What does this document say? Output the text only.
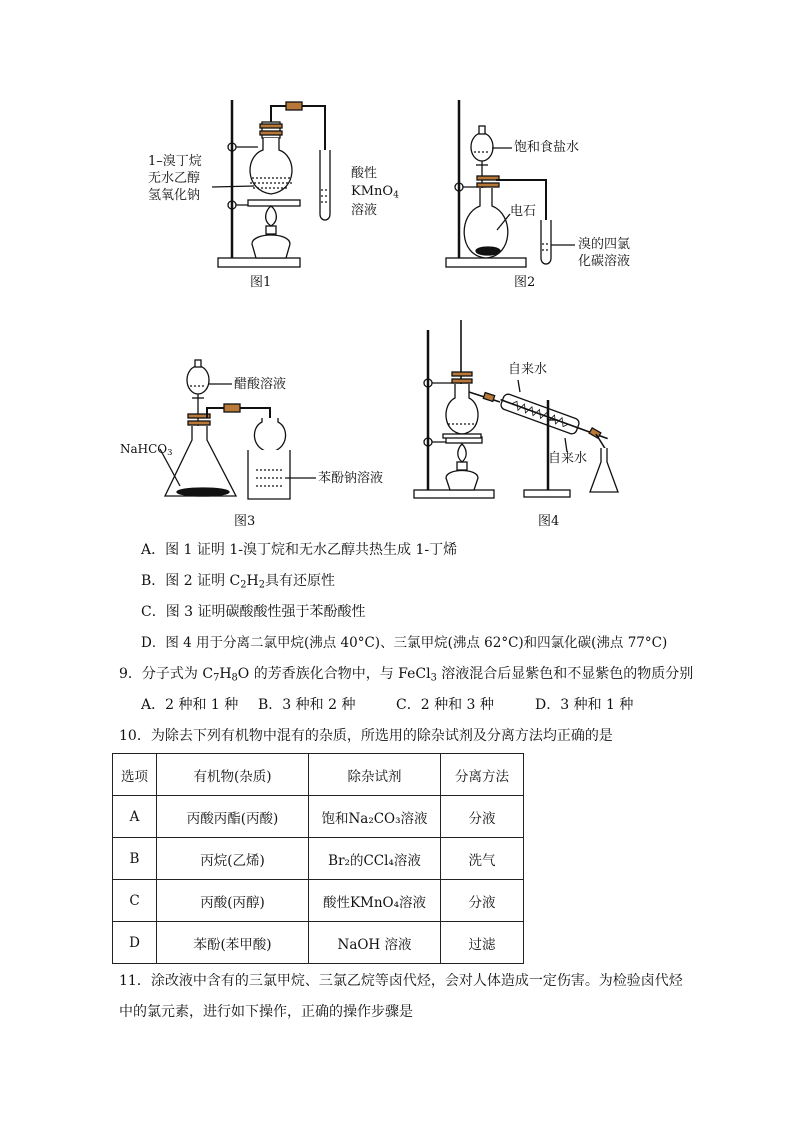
1–溴丁烷
无水乙醇
氢氧化钠
酸性
KMnO$_4$
溶液
图1
饱和食盐水
电石
溴的四氯
化碳溶液
图2
醋酸溶液
NaHCO$_3$
苯酚钠溶液
图3
自来水
自来水
图4
A．图 1 证明 1-溴丁烷和无水乙醇共热生成 1-丁烯
B．图 2 证明 $C_2H_2$具有还原性
C．图 3 证明碳酸酸性强于苯酚酸性
D．图 4 用于分离二氯甲烷(沸点 40°C)、三氯甲烷(沸点 62°C)和四氯化碳(沸点 77°C)
9．分子式为 $C_7H_8O$ 的芳香族化合物中，与 FeCl$_3$ 溶液混合后显紫色和不显紫色的物质分别
A．2 种和 1 种 B．3 种和 2 种	C．2 种和 3 种	D．3 种和 1 种
10．为除去下列有机物中混有的杂质，所选用的除杂试剂及分离方法均正确的是
选项	有机物(杂质)	除杂试剂	分离方法
A	丙酸丙酯(丙酸)	饱和Na₂CO₃溶液	分液
B	丙烷(乙烯)	Br₂的CCl₄溶液	洗气
C	丙酸(丙醇)	酸性KMnO₄溶液	分液
D	苯酚(苯甲酸)	NaOH 溶液	过滤
11．涂改液中含有的三氯甲烷、三氯乙烷等卤代烃，会对人体造成一定伤害。为检验卤代烃
中的氯元素，进行如下操作，正确的操作步骤是
